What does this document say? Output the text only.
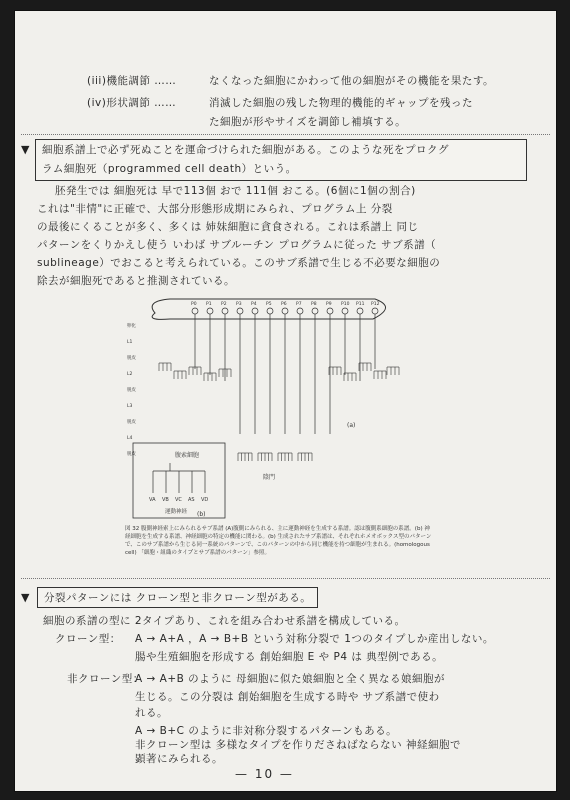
(iii)機能調節 ……	なくなった細胞にかわって他の細胞がその機能を果たす。
(iv)形状調節 ……	消滅した細胞の残した物理的機能的ギャップを残った
た細胞が形やサイズを調節し補填する。
▼ 細胞系譜上で必ず死ぬことを運命づけられた細胞がある。このような死をプロクグ
ラム細胞死（programmed cell death）という。
胚発生では 細胞死は 早で113個 おで 111個 おこる。(6個に1個の割合)
これは"非情"に正確で、大部分形態形成期にみられ、プログラム上 分裂
の最後にくることが多く、多くは 姉妹細胞に貪食される。これは系譜上 同じ
パターンをくりかえし使う いわば サブルーチン プログラムに従った サブ系譜（
sublineage）でおこると考えられている。このサブ系譜で生じる不必要な細胞の
除去が細胞死であると推測されている。
P0 P1 P2 P3 P4 P5 P6 P7 P8 P9 P10 P11 P12
卵化
L1
脱皮
L2
脱皮
L3
脱皮
L4
脱皮	腹索細胞
VA VB VC AS VD
運動神経 (b)
(a)
陰門
図 32 腹側神経索上にみられるサブ系譜 (A)腹側にみられる、主に運動神経を生成する系譜。認は腹側系細胞の系譜。(b) 神経細胞を生成する系譜、神経細胞の特定の機能に関わる。(b) 生成されたサブ系譜は、それぞれホメオボックス型のパターンで、このサブ系譜から生じる同一系統のパターンで、このパターンの中から同じ機能を持つ細胞が生まれる。(homologous cell) 「細胞・組織のタイプとサブ系譜のパターン」参照。
▼	分裂パターンには クローン型と非クローン型がある。
細胞の系譜の型に 2タイプあり、これを組み合わせ系譜を構成している。
クローン型： A → A+A ，A → B+B という対称分裂で 1つのタイプしか産出しない。
腸や生殖細胞を形成する 創始細胞 E や P4 は 典型例である。
非クローン型：
A → A+B のように 母細胞に似た娘細胞と全く異なる娘細胞が
生じる。この分裂は 創始細胞を生成する時や サブ系譜で使わ
れる。
A → B+C のように非対称分裂するパターンもある。
非クローン型は 多様なタイプを作りださねばならない 神経細胞で
顕著にみられる。
— 10 —
